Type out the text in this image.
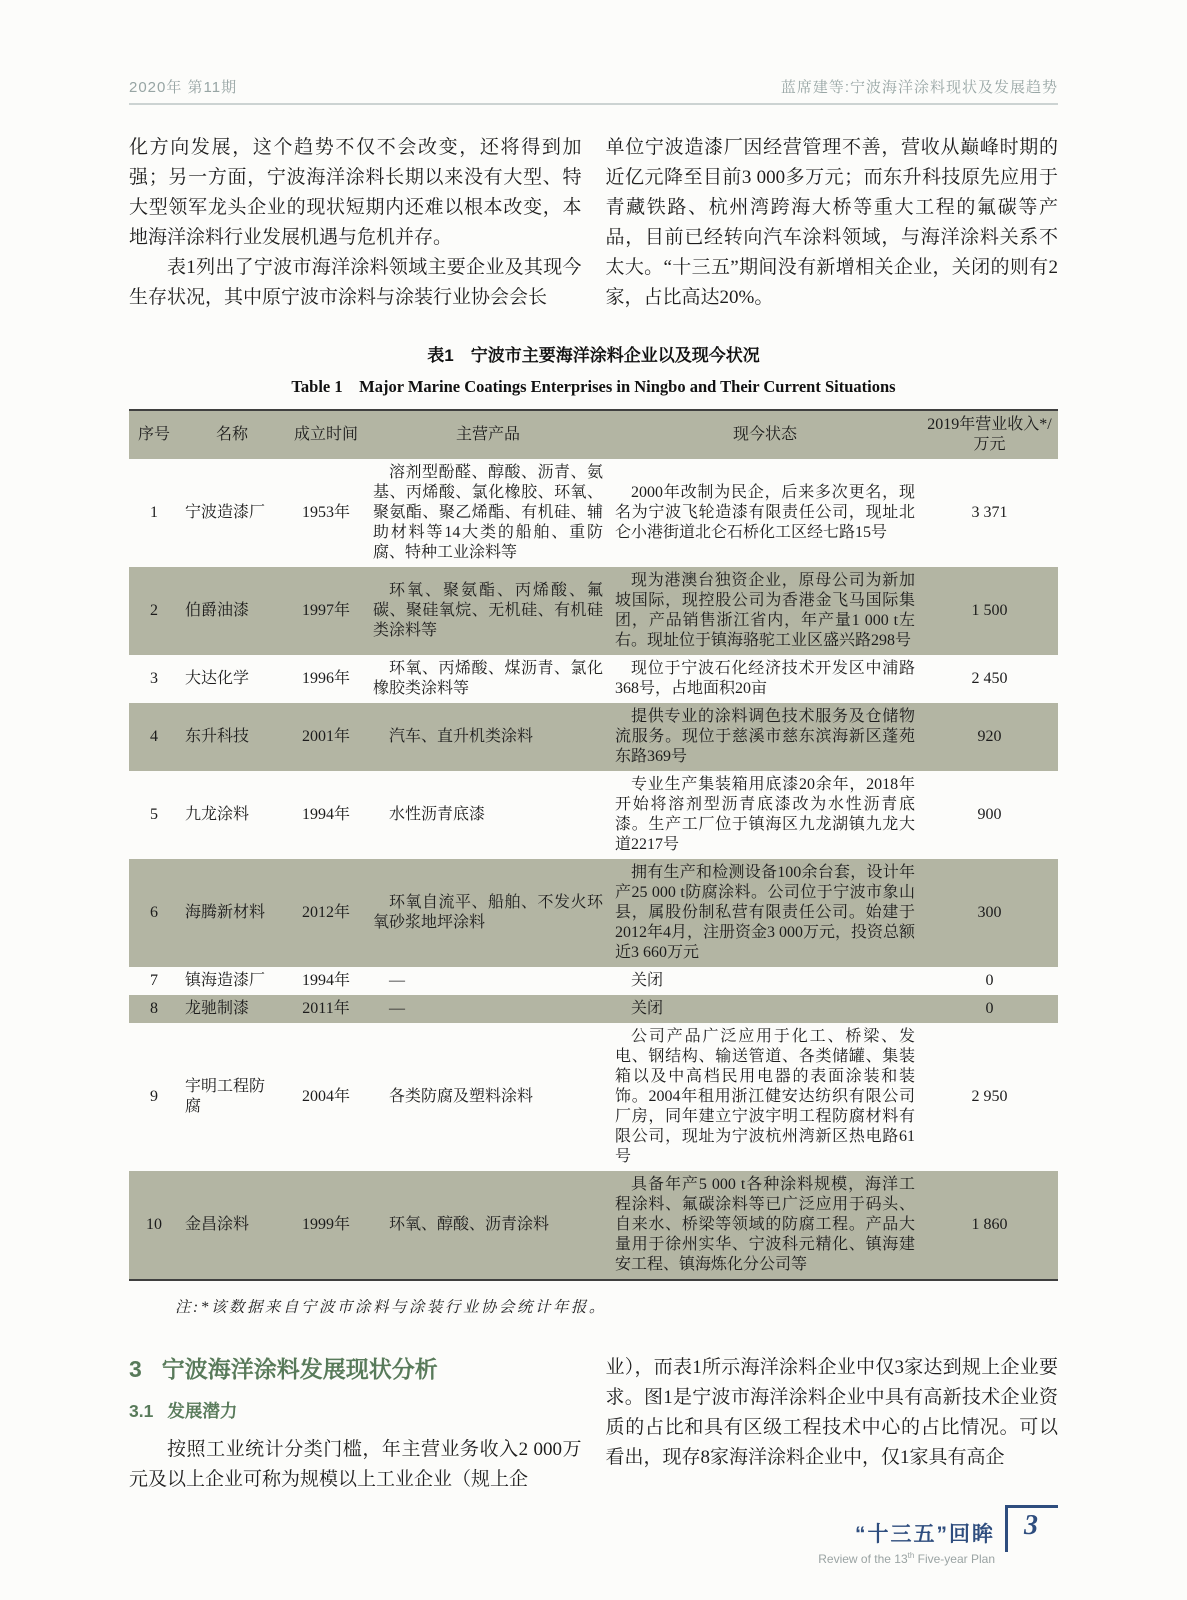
2020年 第11期	蓝席建等:宁波海洋涂料现状及发展趋势

化方向发展，这个趋势不仅不会改变，还将得到加强；另一方面，宁波海洋涂料长期以来没有大型、特大型领军龙头企业的现状短期内还难以根本改变，本地海洋涂料行业发展机遇与危机并存。

表1列出了宁波市海洋涂料领域主要企业及其现今生存状况，其中原宁波市涂料与涂装行业协会会长

单位宁波造漆厂因经营管理不善，营收从巅峰时期的近亿元降至目前3 000多万元；而东升科技原先应用于青藏铁路、杭州湾跨海大桥等重大工程的氟碳等产品，目前已经转向汽车涂料领域，与海洋涂料关系不太大。“十三五”期间没有新增相关企业，关闭的则有2家，占比高达20%。

表1　宁波市主要海洋涂料企业以及现今状况
Table 1　Major Marine Coatings Enterprises in Ningbo and Their Current Situations
序号	名称	成立时间	主营产品	现今状态	2019年营业收入*/万元
1	宁波造漆厂	1953年	溶剂型酚醛、醇酸、沥青、氨基、丙烯酸、氯化橡胶、环氧、聚氨酯、聚乙烯酯、有机硅、辅助材料等14大类的船舶、重防腐、特种工业涂料等	2000年改制为民企，后来多次更名，现名为宁波飞轮造漆有限责任公司，现址北仑小港街道北仑石桥化工区经七路15号	3 371
2	伯爵油漆	1997年	环氧、聚氨酯、丙烯酸、氟碳、聚硅氧烷、无机硅、有机硅类涂料等	现为港澳台独资企业，原母公司为新加坡国际，现控股公司为香港金飞马国际集团，产品销售浙江省内，年产量1 000 t左右。现址位于镇海骆驼工业区盛兴路298号	1 500
3	大达化学	1996年	环氧、丙烯酸、煤沥青、氯化橡胶类涂料等	现位于宁波石化经济技术开发区中浦路368号，占地面积20亩	2 450
4	东升科技	2001年	汽车、直升机类涂料	提供专业的涂料调色技术服务及仓储物流服务。现位于慈溪市慈东滨海新区蓬苑东路369号	920
5	九龙涂料	1994年	水性沥青底漆	专业生产集装箱用底漆20余年，2018年开始将溶剂型沥青底漆改为水性沥青底漆。生产工厂位于镇海区九龙湖镇九龙大道2217号	900
6	海腾新材料	2012年	环氧自流平、船舶、不发火环氧砂浆地坪涂料	拥有生产和检测设备100余台套，设计年产25 000 t防腐涂料。公司位于宁波市象山县，属股份制私营有限责任公司。始建于2012年4月，注册资金3 000万元，投资总额近3 660万元	300
7	镇海造漆厂	1994年	—	关闭	0
8	龙驰制漆	2011年	—	关闭	0
9	宇明工程防腐	2004年	各类防腐及塑料涂料	公司产品广泛应用于化工、桥梁、发电、钢结构、输送管道、各类储罐、集装箱以及中高档民用电器的表面涂装和装饰。2004年租用浙江健安达纺织有限公司厂房，同年建立宁波宇明工程防腐材料有限公司，现址为宁波杭州湾新区热电路61号	2 950
10	金昌涂料	1999年	环氧、醇酸、沥青涂料	具备年产5 000 t各种涂料规模，海洋工程涂料、氟碳涂料等已广泛应用于码头、自来水、桥梁等领域的防腐工程。产品大量用于徐州实华、宁波科元精化、镇海建安工程、镇海炼化分公司等	1 860

注:*该数据来自宁波市涂料与涂装行业协会统计年报。

3 宁波海洋涂料发展现状分析
3.1 发展潜力

按照工业统计分类门槛，年主营业务收入2 000万元及以上企业可称为规模以上工业企业（规上企

业），而表1所示海洋涂料企业中仅3家达到规上企业要求。图1是宁波市海洋涂料企业中具有高新技术企业资质的占比和具有区级工程技术中心的占比情况。可以看出，现存8家海洋涂料企业中，仅1家具有高企

“十三五”回眸
Review of the 13th Five-year Plan
3
